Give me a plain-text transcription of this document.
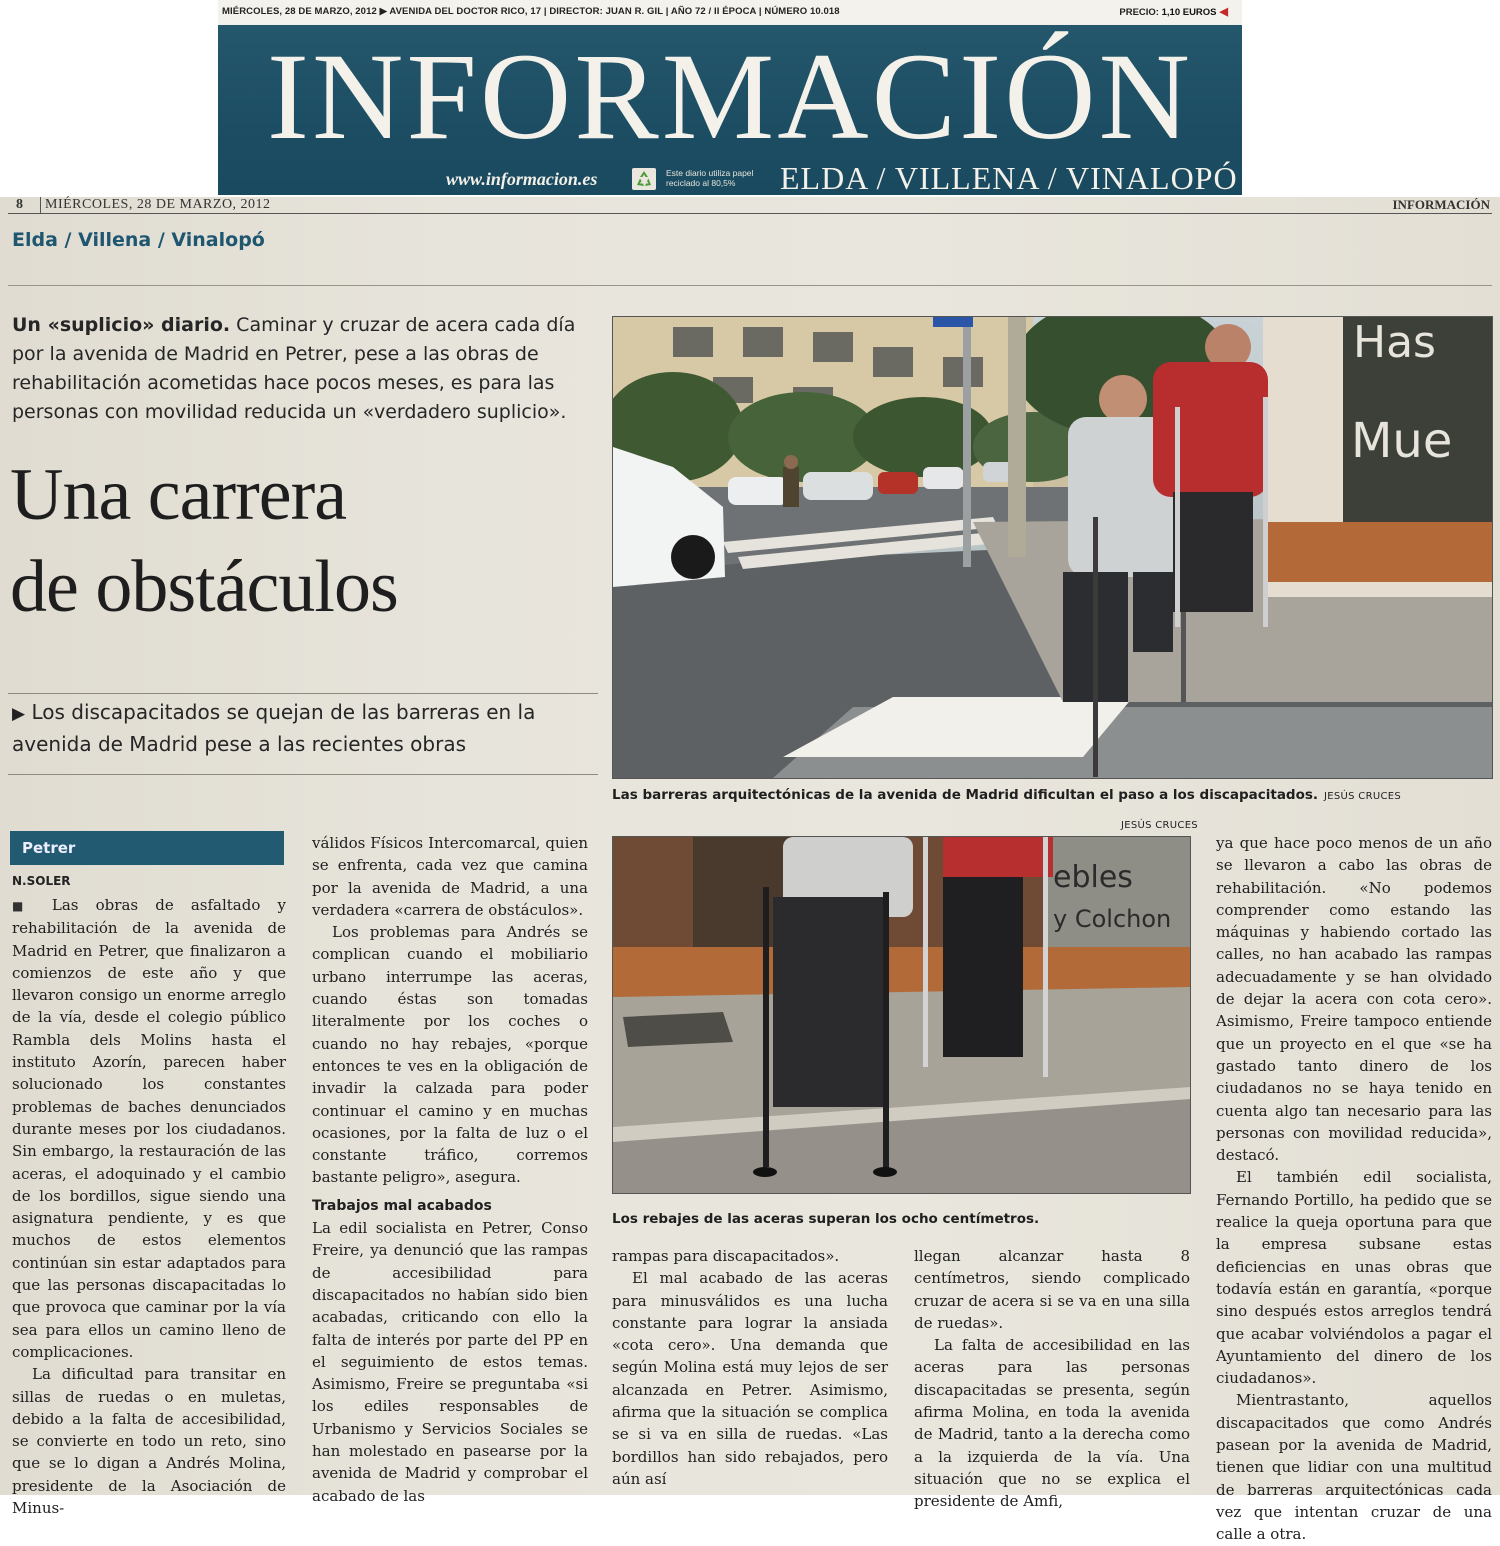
MIÉRCOLES, 28 DE MARZO, 2012 ▶ AVENIDA DEL DOCTOR RICO, 17 | DIRECTOR: JUAN R. GIL | AÑO 72 / II ÉPOCA | NÚMERO 10.018	PRECIO: 1,10 EUROS ◀
INFORMACIÓN
www.informacion.es	Este diario utiliza papel reciclado al 80,5%	ELDA / VILLENA / VINALOPÓ
8	MIÉRCOLES, 28 DE MARZO, 2012	INFORMACIÓN
Elda / Villena / Vinalopó
Un «suplicio» diario. Caminar y cruzar de acera cada día por la avenida de Madrid en Petrer, pese a las obras de rehabilitación acometidas hace pocos meses, es para las personas con movilidad reducida un «verdadero suplicio».
Una carrera
de obstáculos
▶ Los discapacitados se quejan de las barreras en la avenida de Madrid pese a las recientes obras
Petrer
N.SOLER

■ Las obras de asfaltado y rehabilitación de la avenida de Madrid en Petrer, que finalizaron a comienzos de este año y que llevaron consigo un enorme arreglo de la vía, desde el colegio público Rambla dels Molins hasta el instituto Azorín, parecen haber solucionado los constantes problemas de baches denunciados durante meses por los ciudadanos. Sin embargo, la restauración de las aceras, el adoquinado y el cambio de los bordillos, sigue siendo una asignatura pendiente, y es que muchos de estos elementos continúan sin estar adaptados para que las personas discapacitadas lo que provoca que caminar por la vía sea para ellos un camino lleno de complicaciones.

La dificultad para transitar en sillas de ruedas o en muletas, debido a la falta de accesibilidad, se convierte en todo un reto, sino que se lo digan a Andrés Molina, presidente de la Asociación de Minus-

válidos Físicos Intercomarcal, quien se enfrenta, cada vez que camina por la avenida de Madrid, a una verdadera «carrera de obstáculos».

Los problemas para Andrés se complican cuando el mobiliario urbano interrumpe las aceras, cuando éstas son tomadas literalmente por los coches o cuando no hay rebajes, «porque entonces te ves en la obligación de invadir la calzada para poder continuar el camino y en muchas ocasiones, por la falta de luz o el constante tráfico, corremos bastante peligro», asegura.

Trabajos mal acabados

La edil socialista en Petrer, Conso Freire, ya denunció que las rampas de accesibilidad para discapacitados no habían sido bien acabadas, criticando con ello la falta de interés por parte del PP en el seguimiento de estos temas. Asimismo, Freire se preguntaba «si los ediles responsables de Urbanismo y Servicios Sociales se han molestado en pasearse por la avenida de Madrid y comprobar el acabado de las

Has
Mue
Las barreras arquitectónicas de la avenida de Madrid dificultan el paso a los discapacitados. JESÚS CRUCES
JESÚS CRUCES
ebles
y Colchon
Los rebajes de las aceras superan los ocho centímetros.

rampas para discapacitados».

El mal acabado de las aceras para minusválidos es una lucha constante para lograr la ansiada «cota cero». Una demanda que según Molina está muy lejos de ser alcanzada en Petrer. Asimismo, afirma que la situación se complica se si va en silla de ruedas. «Las bordillos han sido rebajados, pero aún así

llegan alcanzar hasta 8 centímetros, siendo complicado cruzar de acera si se va en una silla de ruedas».

La falta de accesibilidad en las aceras para las personas discapacitadas se presenta, según afirma Molina, en toda la avenida de Madrid, tanto a la derecha como a la izquierda de la vía. Una situación que no se explica el presidente de Amfi,

ya que hace poco menos de un año se llevaron a cabo las obras de rehabilitación. «No podemos comprender como estando las máquinas y habiendo cortado las calles, no han acabado las rampas adecuadamente y se han olvidado de dejar la acera con cota cero». Asimismo, Freire tampoco entiende que un proyecto en el que «se ha gastado tanto dinero de los ciudadanos no se haya tenido en cuenta algo tan necesario para las personas con movilidad reducida», destacó.

El también edil socialista, Fernando Portillo, ha pedido que se realice la queja oportuna para que la empresa subsane estas deficiencias en unas obras que todavía están en garantía, «porque sino después estos arreglos tendrá que acabar volviéndolos a pagar el Ayuntamiento del dinero de los ciudadanos».

Mientrastanto, aquellos discapacitados que como Andrés pasean por la avenida de Madrid, tienen que lidiar con una multitud de barreras arquitectónicas cada vez que intentan cruzar de una calle a otra.
